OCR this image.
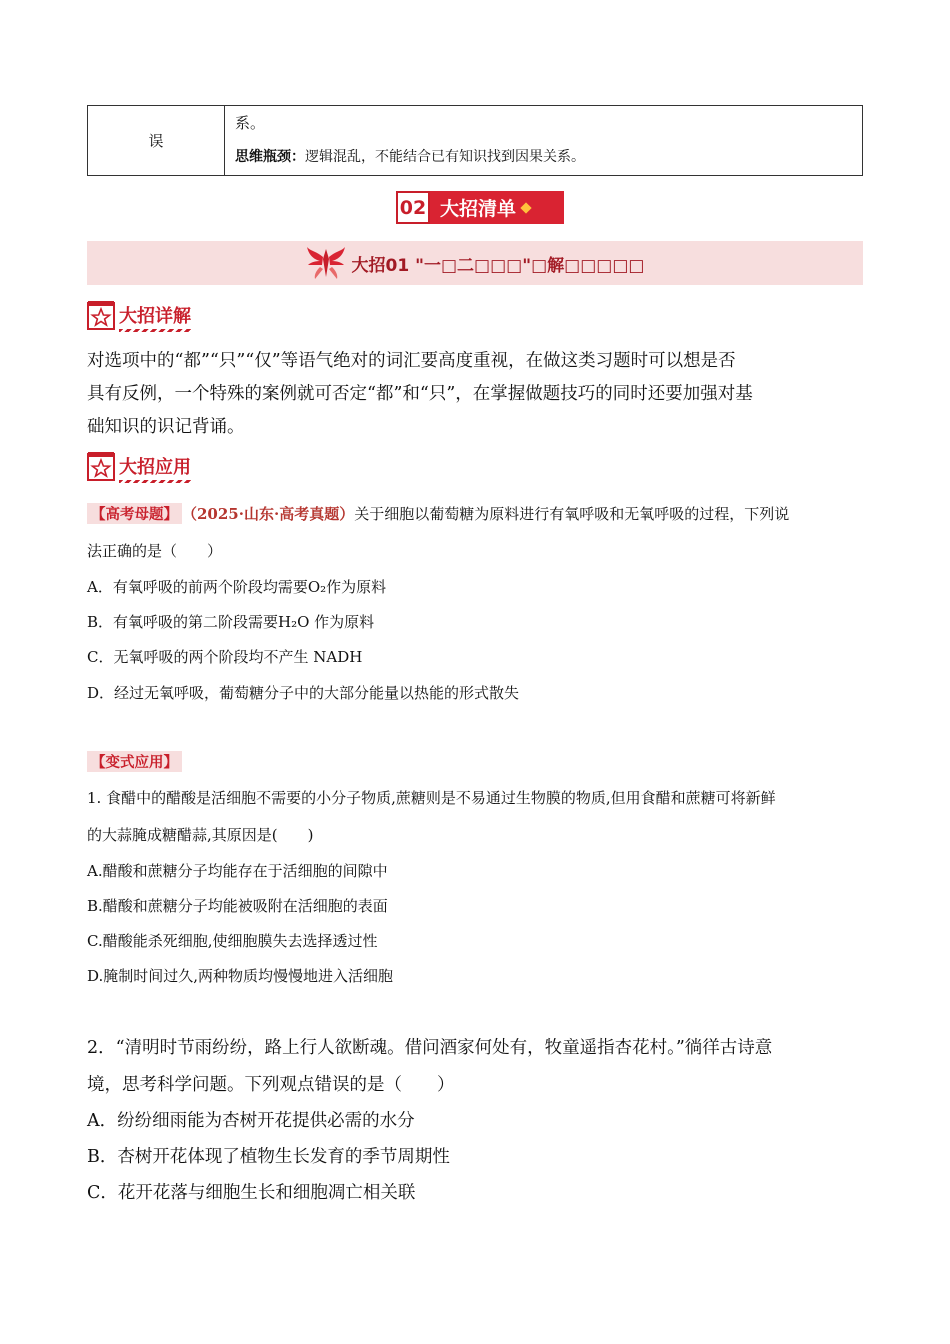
误
系。
思维瓶颈：逻辑混乱，不能结合已有知识找到因果关系。
02 大招清单
大招01 "一□二□□□"□解□□□□□
大招详解
对选项中的“都”“只”“仅”等语气绝对的词汇要高度重视，在做这类习题时可以想是否
具有反例，一个特殊的案例就可否定“都”和“只”，在掌握做题技巧的同时还要加强对基
础知识的识记背诵。
大招应用
【高考母题】 （2025·山东·高考真题）关于细胞以葡萄糖为原料进行有氧呼吸和无氧呼吸的过程，下列说
法正确的是（　　）
A．有氧呼吸的前两个阶段均需要O₂作为原料
B．有氧呼吸的第二阶段需要H₂O 作为原料
C．无氧呼吸的两个阶段均不产生 NADH
D．经过无氧呼吸，葡萄糖分子中的大部分能量以热能的形式散失
【变式应用】
1. 食醋中的醋酸是活细胞不需要的小分子物质,蔗糖则是不易通过生物膜的物质,但用食醋和蔗糖可将新鲜
的大蒜腌成糖醋蒜,其原因是(　　)
A.醋酸和蔗糖分子均能存在于活细胞的间隙中
B.醋酸和蔗糖分子均能被吸附在活细胞的表面
C.醋酸能杀死细胞,使细胞膜失去选择透过性
D.腌制时间过久,两种物质均慢慢地进入活细胞
2．“清明时节雨纷纷，路上行人欲断魂。借问酒家何处有，牧童遥指杏花村。”徜徉古诗意
境，思考科学问题。下列观点错误的是（　　）
A．纷纷细雨能为杏树开花提供必需的水分
B．杏树开花体现了植物生长发育的季节周期性
C．花开花落与细胞生长和细胞凋亡相关联
